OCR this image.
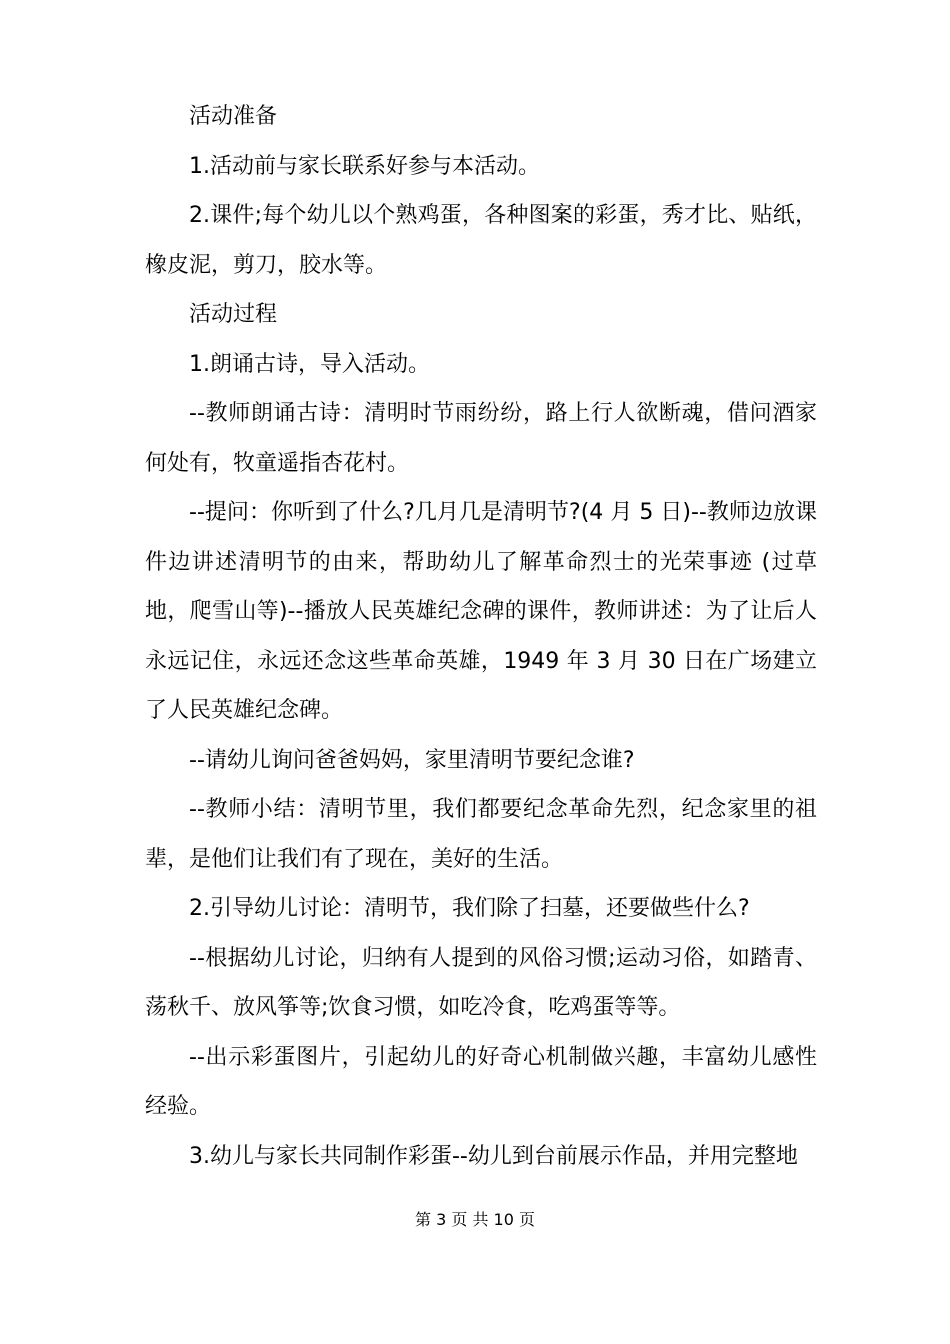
活动准备

1.活动前与家长联系好参与本活动。

2.课件;每个幼儿以个熟鸡蛋，各种图案的彩蛋，秀才比、贴纸，橡皮泥，剪刀，胶水等。

活动过程

1.朗诵古诗，导入活动。

--教师朗诵古诗：清明时节雨纷纷，路上行人欲断魂，借问酒家何处有，牧童遥指杏花村。

--提问：你听到了什么?几月几是清明节?(4 月 5 日)--教师边放课件边讲述清明节的由来，帮助幼儿了解革命烈士的光荣事迹 (过草地，爬雪山等)--播放人民英雄纪念碑的课件，教师讲述：为了让后人永远记住，永远还念这些革命英雄，1949 年 3 月 30 日在广场建立了人民英雄纪念碑。

--请幼儿询问爸爸妈妈，家里清明节要纪念谁?

--教师小结：清明节里，我们都要纪念革命先烈，纪念家里的祖辈，是他们让我们有了现在，美好的生活。

2.引导幼儿讨论：清明节，我们除了扫墓，还要做些什么?

--根据幼儿讨论，归纳有人提到的风俗习惯;运动习俗，如踏青、荡秋千、放风筝等;饮食习惯，如吃冷食，吃鸡蛋等等。

--出示彩蛋图片，引起幼儿的好奇心机制做兴趣，丰富幼儿感性经验。

3.幼儿与家长共同制作彩蛋--幼儿到台前展示作品，并用完整地

第 3 页 共 10 页
